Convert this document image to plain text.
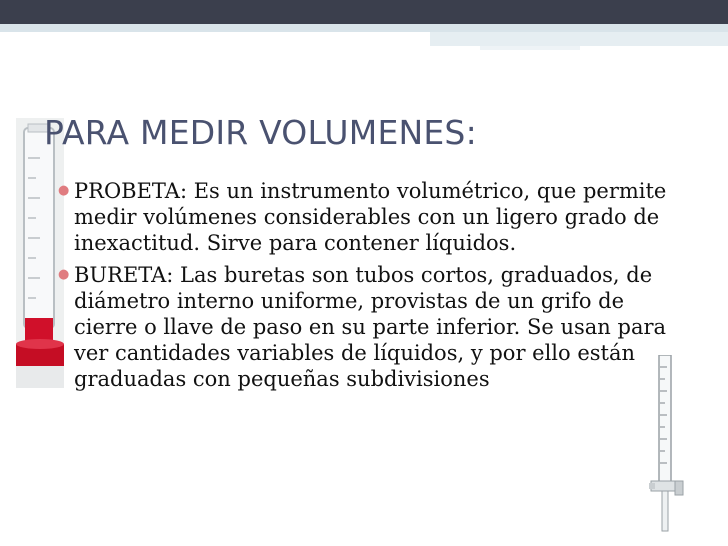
PARA MEDIR VOLUMENES:
● PROBETA: Es un instrumento volumétrico, que permite medir volúmenes considerables con un ligero grado de inexactitud. Sirve para contener líquidos.
● BURETA: Las buretas son tubos cortos, graduados, de diámetro interno uniforme, provistas de un grifo de cierre o llave de paso en su parte inferior. Se usan para ver cantidades variables de líquidos, y por ello están graduadas con pequeñas subdivisiones
